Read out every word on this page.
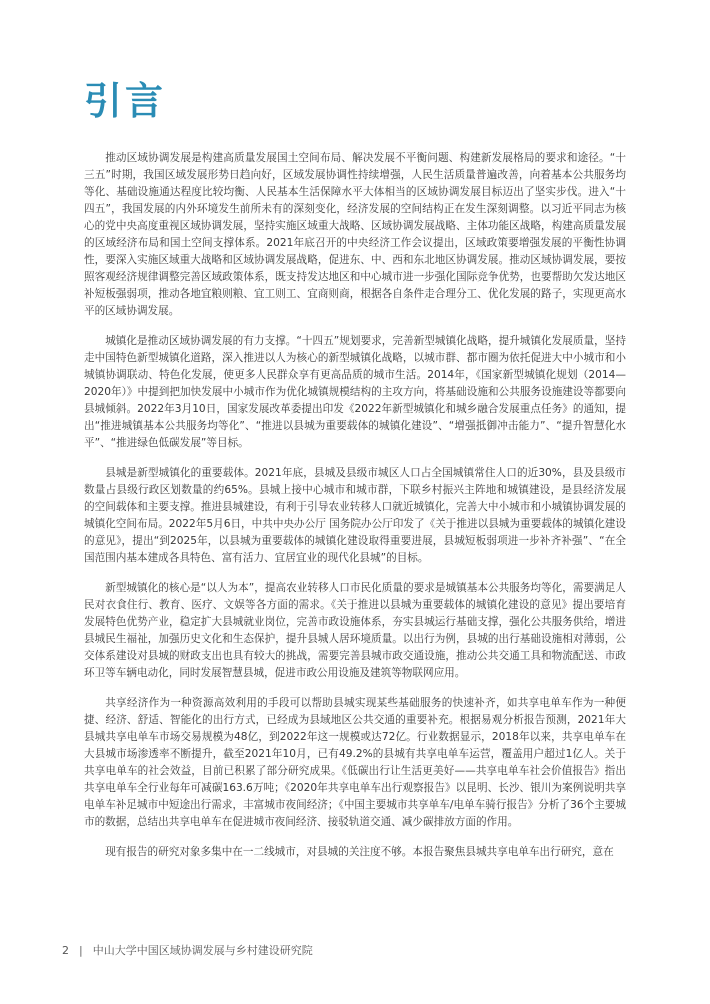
引言

推动区域协调发展是构建高质量发展国土空间布局、解决发展不平衡问题、构建新发展格局的要求和途径。“十三五”时期，我国区域发展形势日趋向好，区域发展协调性持续增强，人民生活质量普遍改善，向着基本公共服务均等化、基础设施通达程度比较均衡、人民基本生活保障水平大体相当的区域协调发展目标迈出了坚实步伐。进入“十四五”，我国发展的内外环境发生前所未有的深刻变化，经济发展的空间结构正在发生深刻调整。以习近平同志为核心的党中央高度重视区域协调发展，坚持实施区域重大战略、区域协调发展战略、主体功能区战略，构建高质量发展的区域经济布局和国土空间支撑体系。2021年底召开的中央经济工作会议提出，区域政策要增强发展的平衡性协调性，要深入实施区域重大战略和区域协调发展战略，促进东、中、西和东北地区协调发展。推动区域协调发展，要按照客观经济规律调整完善区域政策体系，既支持发达地区和中心城市进一步强化国际竞争优势，也要帮助欠发达地区补短板强弱项，推动各地宜粮则粮、宜工则工、宜商则商，根据各自条件走合理分工、优化发展的路子，实现更高水平的区域协调发展。

城镇化是推动区域协调发展的有力支撑。“十四五”规划要求，完善新型城镇化战略，提升城镇化发展质量，坚持走中国特色新型城镇化道路，深入推进以人为核心的新型城镇化战略，以城市群、都市圈为依托促进大中小城市和小城镇协调联动、特色化发展，使更多人民群众享有更高品质的城市生活。2014年，《国家新型城镇化规划（2014—2020年）》中提到把加快发展中小城市作为优化城镇规模结构的主攻方向，将基础设施和公共服务设施建设等都要向县城倾斜。2022年3月10日，国家发展改革委提出印发《2022年新型城镇化和城乡融合发展重点任务》的通知，提出“推进城镇基本公共服务均等化”、“推进以县城为重要载体的城镇化建设”、“增强抵御冲击能力”、“提升智慧化水平”、“推进绿色低碳发展”等目标。

县城是新型城镇化的重要载体。2021年底，县城及县级市城区人口占全国城镇常住人口的近30%，县及县级市数量占县级行政区划数量的约65%。县城上接中心城市和城市群，下联乡村振兴主阵地和城镇建设，是县经济发展的空间载体和主要支撑。推进县城建设，有利于引导农业转移人口就近城镇化，完善大中小城市和小城镇协调发展的城镇化空间布局。2022年5月6日，中共中央办公厅 国务院办公厅印发了《关于推进以县城为重要载体的城镇化建设的意见》，提出“到2025年，以县城为重要载体的城镇化建设取得重要进展，县城短板弱项进一步补齐补强”、“在全国范围内基本建成各具特色、富有活力、宜居宜业的现代化县城”的目标。

新型城镇化的核心是“以人为本”，提高农业转移人口市民化质量的要求是城镇基本公共服务均等化，需要满足人民对衣食住行、教育、医疗、文娱等各方面的需求。《关于推进以县城为重要载体的城镇化建设的意见》提出要培育发展特色优势产业，稳定扩大县城就业岗位，完善市政设施体系，夯实县城运行基础支撑，强化公共服务供给，增进县城民生福祉，加强历史文化和生态保护，提升县城人居环境质量。以出行为例，县城的出行基础设施相对薄弱，公交体系建设对县城的财政支出也具有较大的挑战，需要完善县城市政交通设施，推动公共交通工具和物流配送、市政环卫等车辆电动化，同时发展智慧县城，促进市政公用设施及建筑等物联网应用。

共享经济作为一种资源高效利用的手段可以帮助县城实现某些基础服务的快速补齐，如共享电单车作为一种便捷、经济、舒适、智能化的出行方式，已经成为县域地区公共交通的重要补充。根据易观分析报告预测，2021年大县城共享电单车市场交易规模为48亿，到2022年这一规模或达72亿。行业数据显示，2018年以来，共享电单车在大县城市场渗透率不断提升，截至2021年10月，已有49.2%的县城有共享电单车运营，覆盖用户超过1亿人。关于共享电单车的社会效益，目前已积累了部分研究成果。《低碳出行让生活更美好——共享电单车社会价值报告》指出共享电单车全行业每年可减碳163.6万吨；《2020年共享电单车出行观察报告》以昆明、长沙、银川为案例说明共享电单车补足城市中短途出行需求，丰富城市夜间经济；《中国主要城市共享单车/电单车骑行报告》分析了36个主要城市的数据，总结出共享电单车在促进城市夜间经济、接驳轨道交通、减少碳排放方面的作用。

现有报告的研究对象多集中在一二线城市，对县城的关注度不够。本报告聚焦县城共享电单车出行研究，意在

2 | 中山大学中国区域协调发展与乡村建设研究院
